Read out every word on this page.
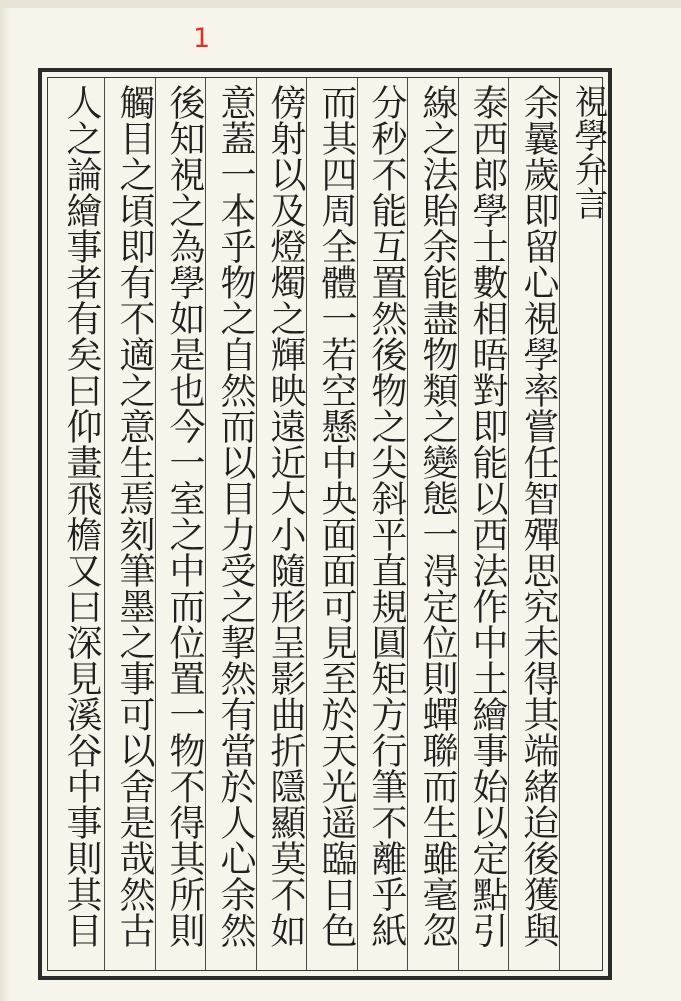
1
視學弁言
余曩歲即留心視學率嘗任智殫思究未得其端緒迨後獲與
泰西郎學士數相晤對即能以西法作中土繪事始以定點引
線之法貽余能盡物類之變態一淂定位則蟬聯而生雖毫忽
分秒不能互置然後物之尖斜平直規圓矩方行筆不離乎紙
而其四周全體一若空懸中央面面可見至於天光遥臨日色
傍射以及燈燭之輝映遠近大小隨形呈影曲折隱顯莫不如
意蓋一本乎物之自然而以目力受之挈然有當於人心余然
後知視之為學如是也今一室之中而位置一物不得其所則
觸目之頃即有不適之意生焉刻筆墨之事可以舍是哉然古
人之論繪事者有矣曰仰畫飛檐又曰深見溪谷中事則其目
